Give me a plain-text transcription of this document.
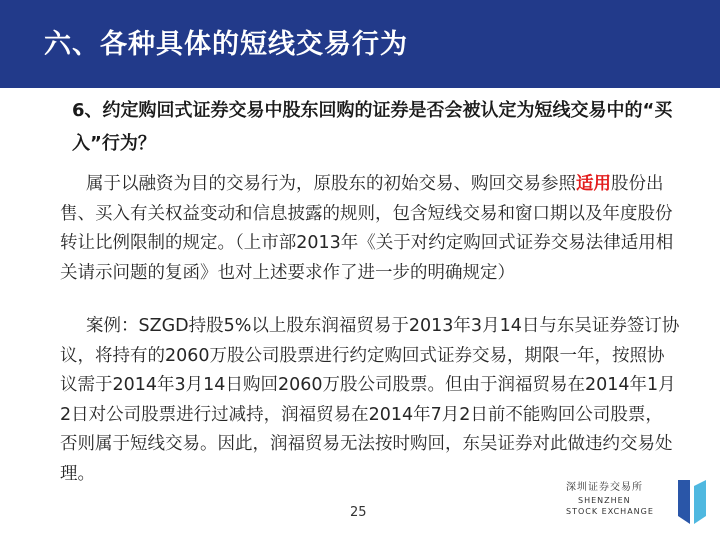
六、各种具体的短线交易行为
6、约定购回式证券交易中股东回购的证券是否会被认定为短线交易中的“买入”行为？
属于以融资为目的交易行为，原股东的初始交易、购回交易参照适用股份出售、买入有关权益变动和信息披露的规则，包含短线交易和窗口期以及年度股份转让比例限制的规定。（上市部2013年《关于对约定购回式证券交易法律适用相关请示问题的复函》也对上述要求作了进一步的明确规定）
案例：SZGD持股5%以上股东润福贸易于2013年3月14日与东吴证券签订协议，将持有的2060万股公司股票进行约定购回式证券交易，期限一年，按照协议需于2014年3月14日购回2060万股公司股票。但由于润福贸易在2014年1月2日对公司股票进行过减持，润福贸易在2014年7月2日前不能购回公司股票，否则属于短线交易。因此，润福贸易无法按时购回，东吴证券对此做违约交易处理。
25
深圳证券交易所
SHENZHEN
STOCK EXCHANGE
